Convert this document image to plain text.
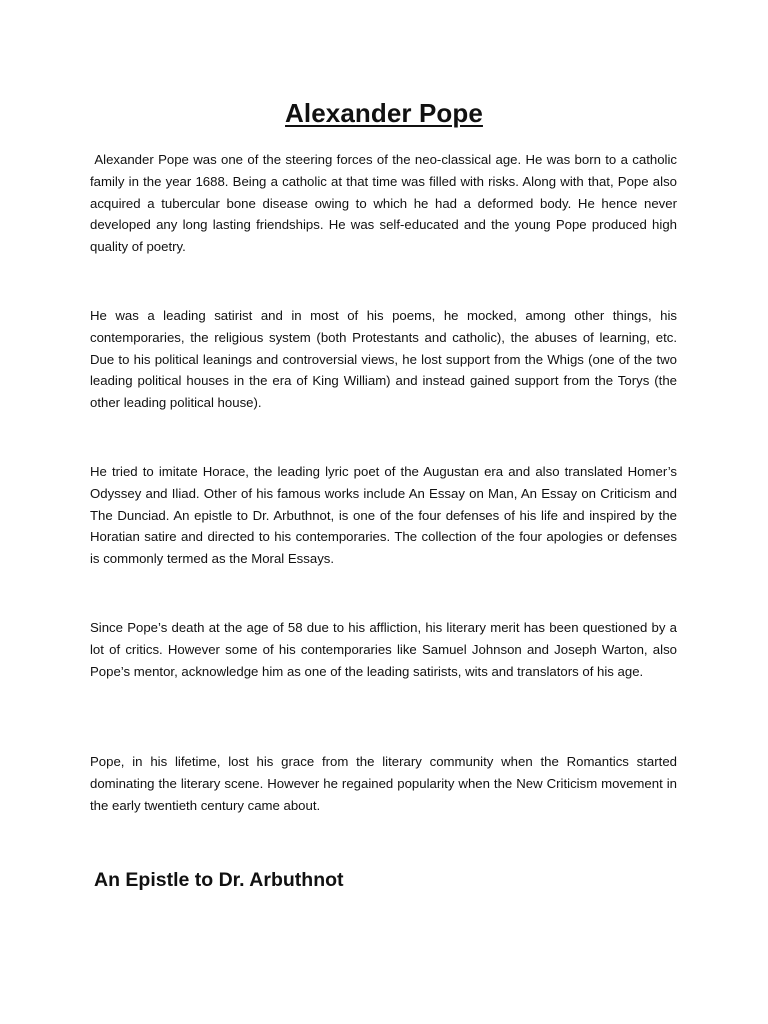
Alexander Pope

Alexander Pope was one of the steering forces of the neo-classical age. He was born to a catholic family in the year 1688. Being a catholic at that time was filled with risks. Along with that, Pope also acquired a tubercular bone disease owing to which he had a deformed body. He hence never developed any long lasting friendships. He was self-educated and the young Pope produced high quality of poetry.

He was a leading satirist and in most of his poems, he mocked, among other things, his contemporaries, the religious system (both Protestants and catholic), the abuses of learning, etc. Due to his political leanings and controversial views, he lost support from the Whigs (one of the two leading political houses in the era of King William) and instead gained support from the Torys (the other leading political house).

He tried to imitate Horace, the leading lyric poet of the Augustan era and also translated Homer’s Odyssey and Iliad. Other of his famous works include An Essay on Man, An Essay on Criticism and The Dunciad. An epistle to Dr. Arbuthnot, is one of the four defenses of his life and inspired by the Horatian satire and directed to his contemporaries. The collection of the four apologies or defenses is commonly termed as the Moral Essays.

Since Pope’s death at the age of 58 due to his affliction, his literary merit has been questioned by a lot of critics. However some of his contemporaries like Samuel Johnson and Joseph Warton, also Pope’s mentor, acknowledge him as one of the leading satirists, wits and translators of his age.

Pope, in his lifetime, lost his grace from the literary community when the Romantics started dominating the literary scene. However he regained popularity when the New Criticism movement in the early twentieth century came about.

An Epistle to Dr. Arbuthnot
